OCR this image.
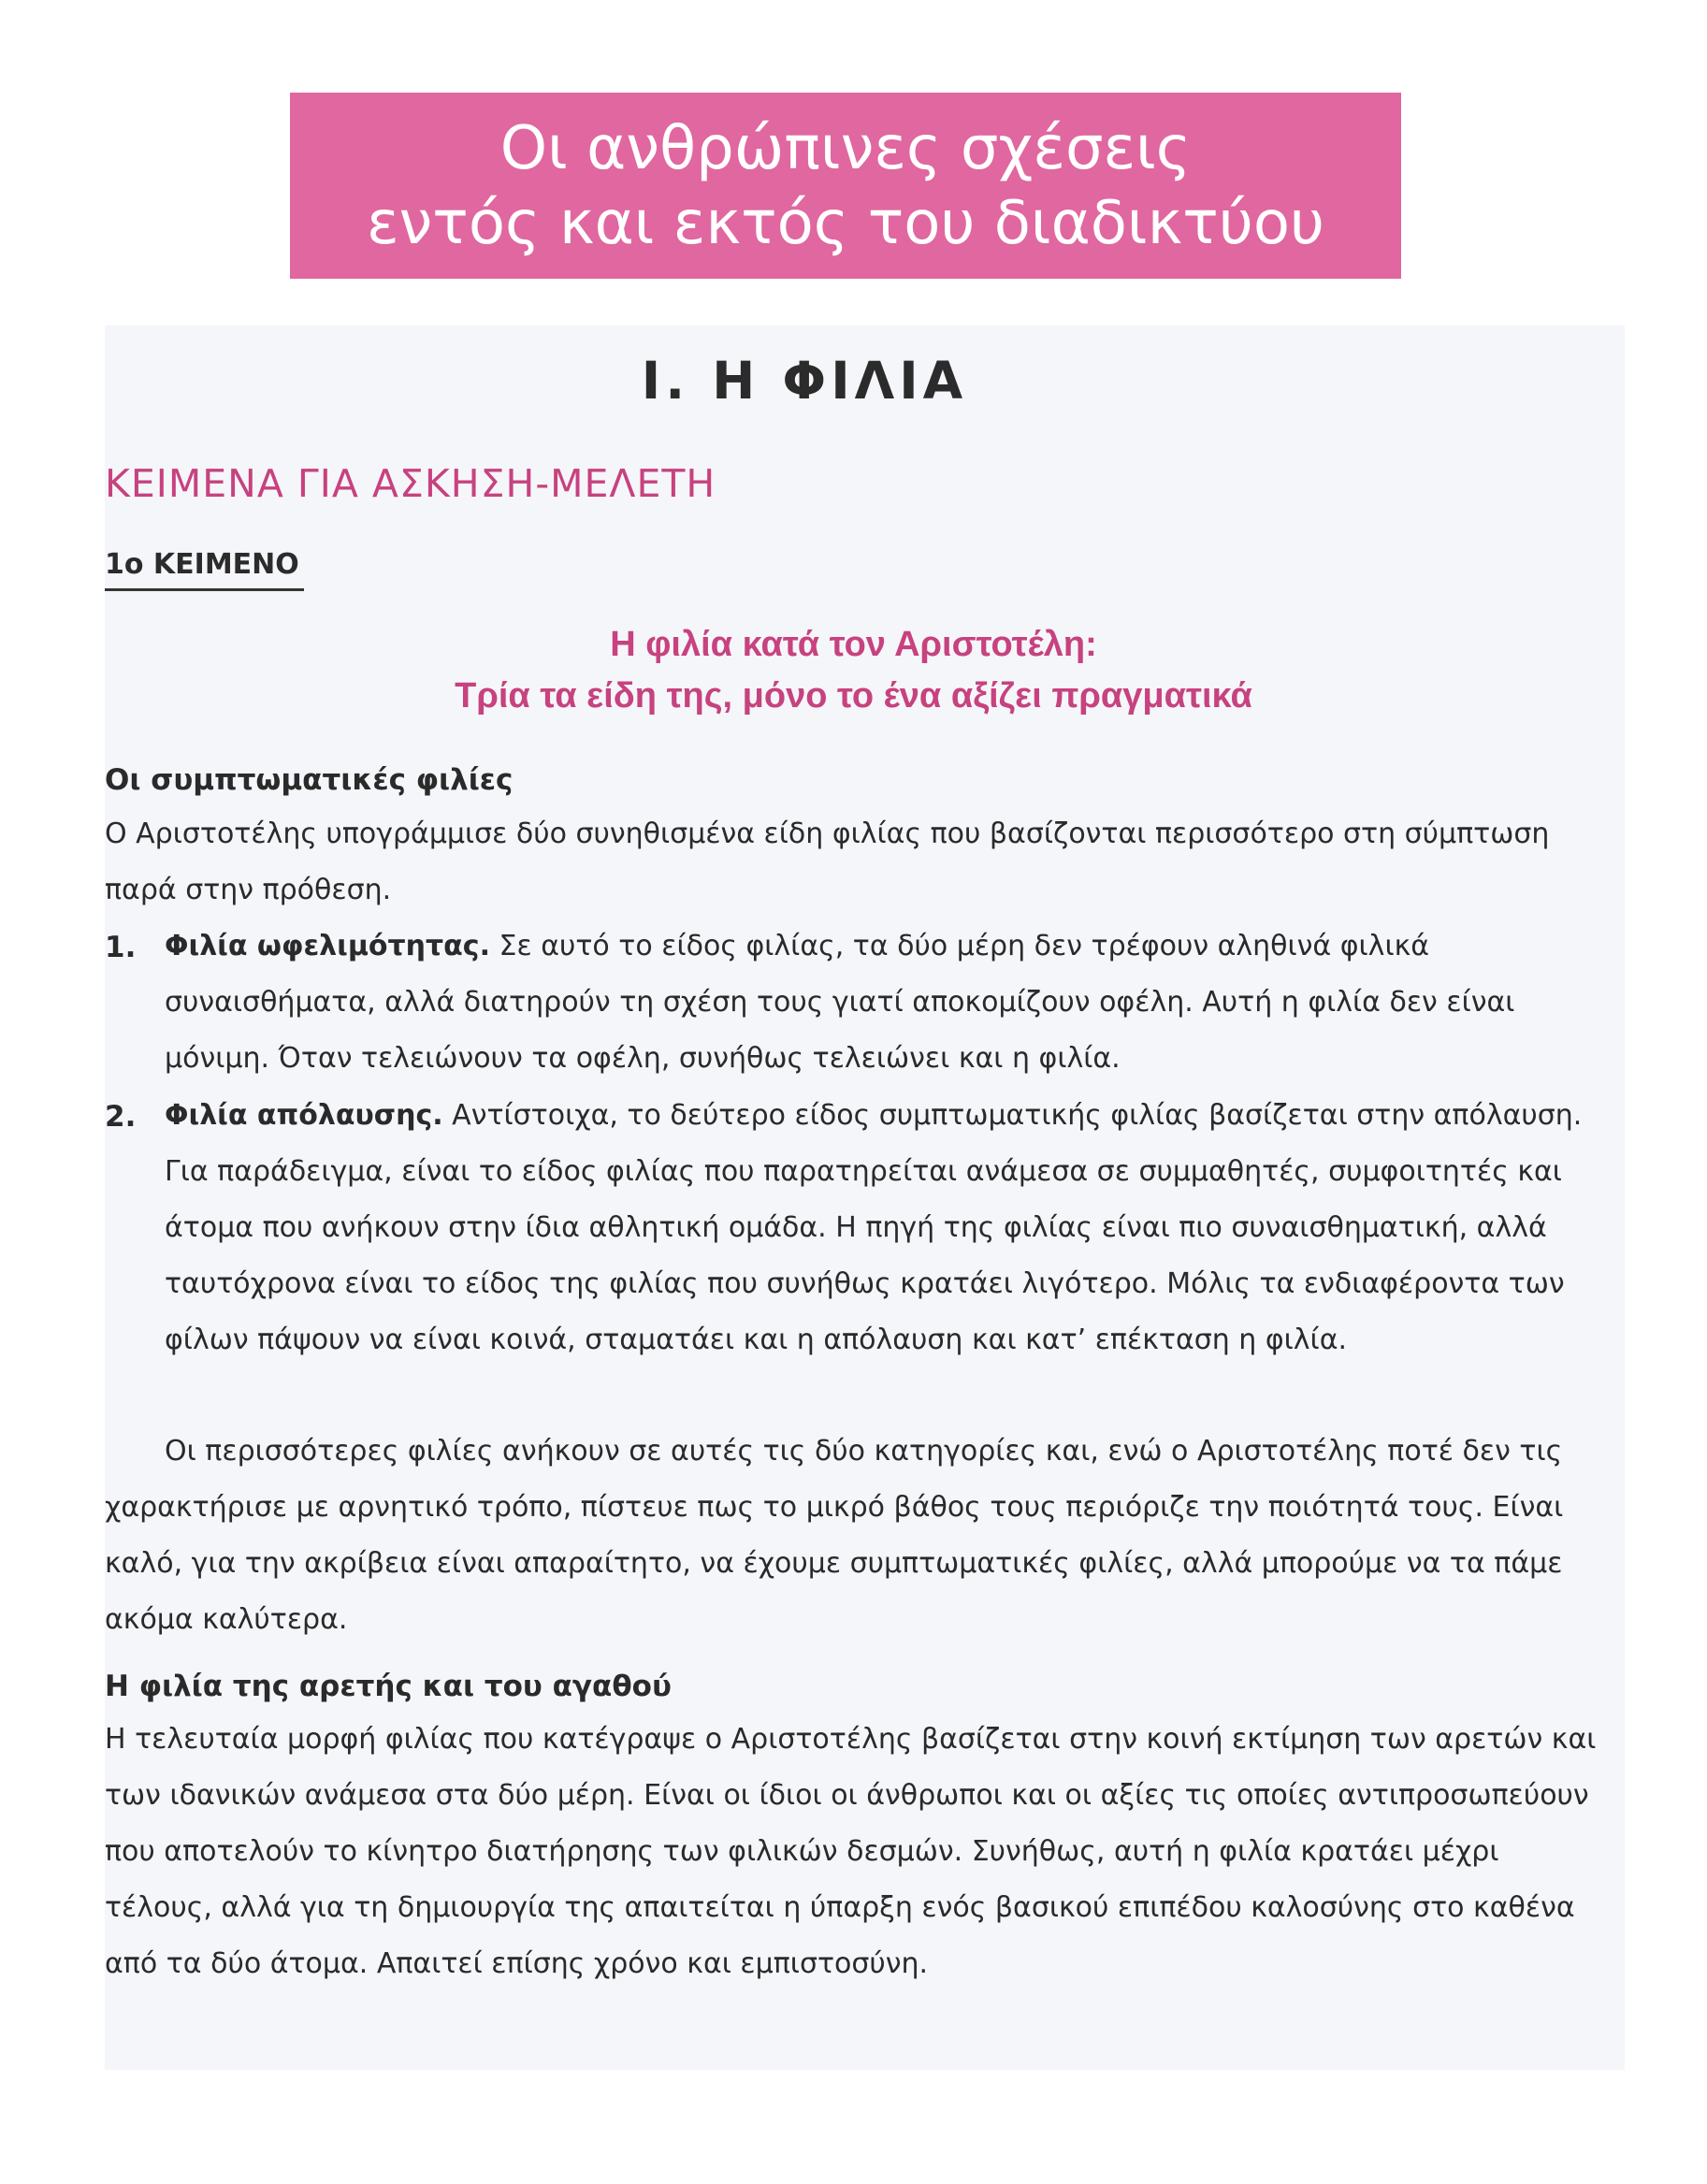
Οι ανθρώπινες σχέσεις
εντός και εκτός του διαδικτύου
Ι. Η ΦΙΛΙΑ
ΚΕΙΜΕΝΑ ΓΙΑ ΑΣΚΗΣΗ-ΜΕΛΕΤΗ
1ο ΚΕΙΜΕΝΟ
Η φιλία κατά τον Αριστοτέλη:
Τρία τα είδη της, μόνο το ένα αξίζει πραγματικά
Οι συμπτωματικές φιλίες

Ο Αριστοτέλης υπογράμμισε δύο συνηθισμένα είδη φιλίας που βασίζονται περισσότερο στη σύμπτωση παρά στην πρόθεση.

1. Φιλία ωφελιμότητας. Σε αυτό το είδος φιλίας, τα δύο μέρη δεν τρέφουν αληθινά φιλικά συναισθήματα, αλλά διατηρούν τη σχέση τους γιατί αποκομίζουν οφέλη. Αυτή η φιλία δεν είναι μόνιμη. Όταν τελειώνουν τα οφέλη, συνήθως τελειώνει και η φιλία.

2. Φιλία απόλαυσης. Αντίστοιχα, το δεύτερο είδος συμπτωματικής φιλίας βασίζεται στην απόλαυση. Για παράδειγμα, είναι το είδος φιλίας που παρατηρείται ανάμεσα σε συμμαθητές, συμφοιτητές και άτομα που ανήκουν στην ίδια αθλητική ομάδα. Η πηγή της φιλίας είναι πιο συναισθηματική, αλλά ταυτόχρονα είναι το είδος της φιλίας που συνήθως κρατάει λιγότερο. Μόλις τα ενδιαφέροντα των φίλων πάψουν να είναι κοινά, σταματάει και η απόλαυση και κατ’ επέκταση η φιλία.

Οι περισσότερες φιλίες ανήκουν σε αυτές τις δύο κατηγορίες και, ενώ ο Αριστοτέλης ποτέ δεν τις χαρακτήρισε με αρνητικό τρόπο, πίστευε πως το μικρό βάθος τους περιόριζε την ποιότητά τους. Είναι καλό, για την ακρίβεια είναι απαραίτητο, να έχουμε συμπτωματικές φιλίες, αλλά μπορούμε να τα πάμε ακόμα καλύτερα.

Η φιλία της αρετής και του αγαθού

Η τελευταία μορφή φιλίας που κατέγραψε ο Αριστοτέλης βασίζεται στην κοινή εκτίμηση των αρετών και των ιδανικών ανάμεσα στα δύο μέρη. Είναι οι ίδιοι οι άνθρωποι και οι αξίες τις οποίες αντιπροσωπεύουν που αποτελούν το κίνητρο διατήρησης των φιλικών δεσμών. Συνήθως, αυτή η φιλία κρατάει μέχρι τέλους, αλλά για τη δημιουργία της απαιτείται η ύπαρξη ενός βασικού επιπέδου καλοσύνης στο καθένα από τα δύο άτομα. Απαιτεί επίσης χρόνο και εμπιστοσύνη.
